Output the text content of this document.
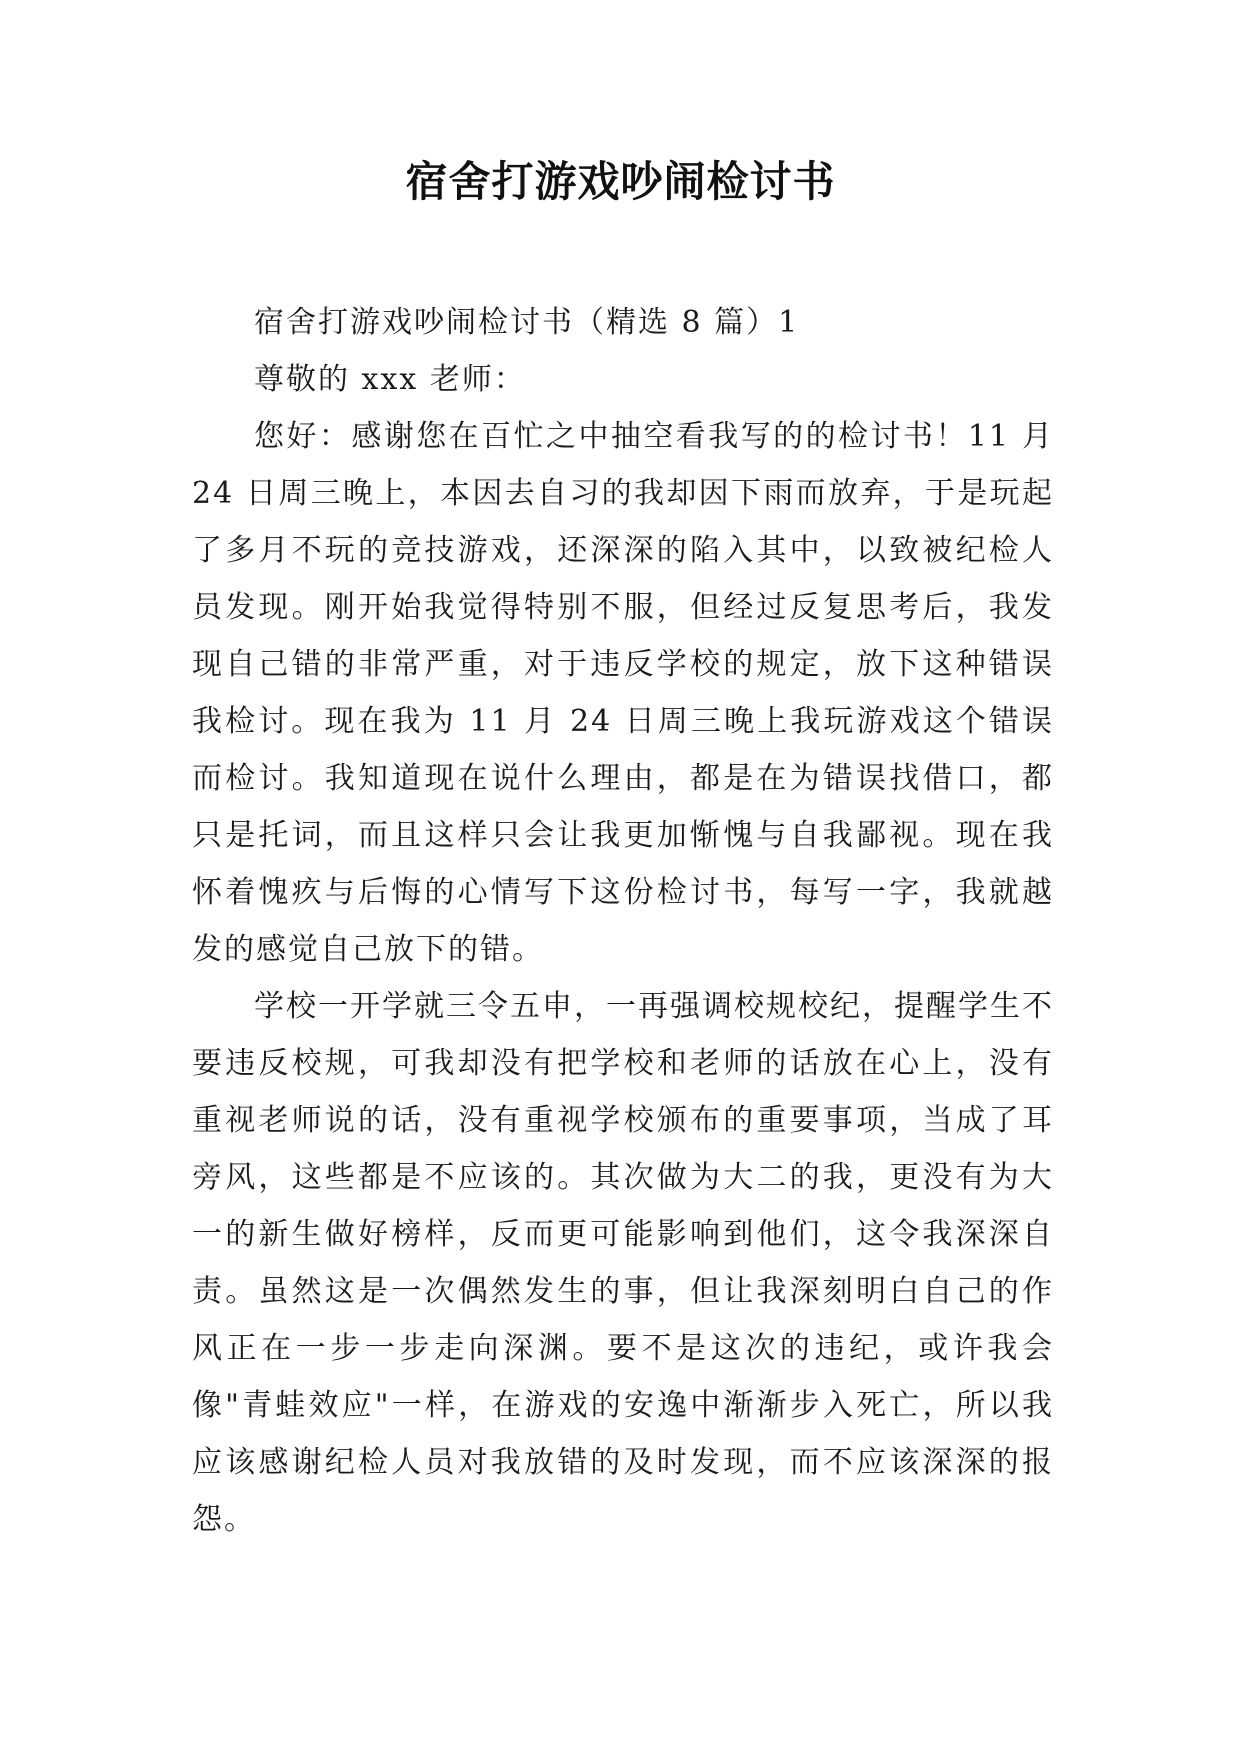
宿舍打游戏吵闹检讨书

宿舍打游戏吵闹检讨书（精选 8 篇）1

尊敬的 xxx 老师：

您好：感谢您在百忙之中抽空看我写的的检讨书！11 月 24 日周三晚上，本因去自习的我却因下雨而放弃，于是玩起了多月不玩的竞技游戏，还深深的陷入其中，以致被纪检人员发现。刚开始我觉得特别不服，但经过反复思考后，我发现自己错的非常严重，对于违反学校的规定，放下这种错误我检讨。现在我为 11 月 24 日周三晚上我玩游戏这个错误而检讨。我知道现在说什么理由，都是在为错误找借口，都只是托词，而且这样只会让我更加惭愧与自我鄙视。现在我怀着愧疚与后悔的心情写下这份检讨书，每写一字，我就越发的感觉自己放下的错。

学校一开学就三令五申，一再强调校规校纪，提醒学生不要违反校规，可我却没有把学校和老师的话放在心上，没有重视老师说的话，没有重视学校颁布的重要事项，当成了耳旁风，这些都是不应该的。其次做为大二的我，更没有为大一的新生做好榜样，反而更可能影响到他们，这令我深深自责。虽然这是一次偶然发生的事，但让我深刻明白自己的作风正在一步一步走向深渊。要不是这次的违纪，或许我会像"青蛙效应"一样，在游戏的安逸中渐渐步入死亡，所以我应该感谢纪检人员对我放错的及时发现，而不应该深深的报怨。
